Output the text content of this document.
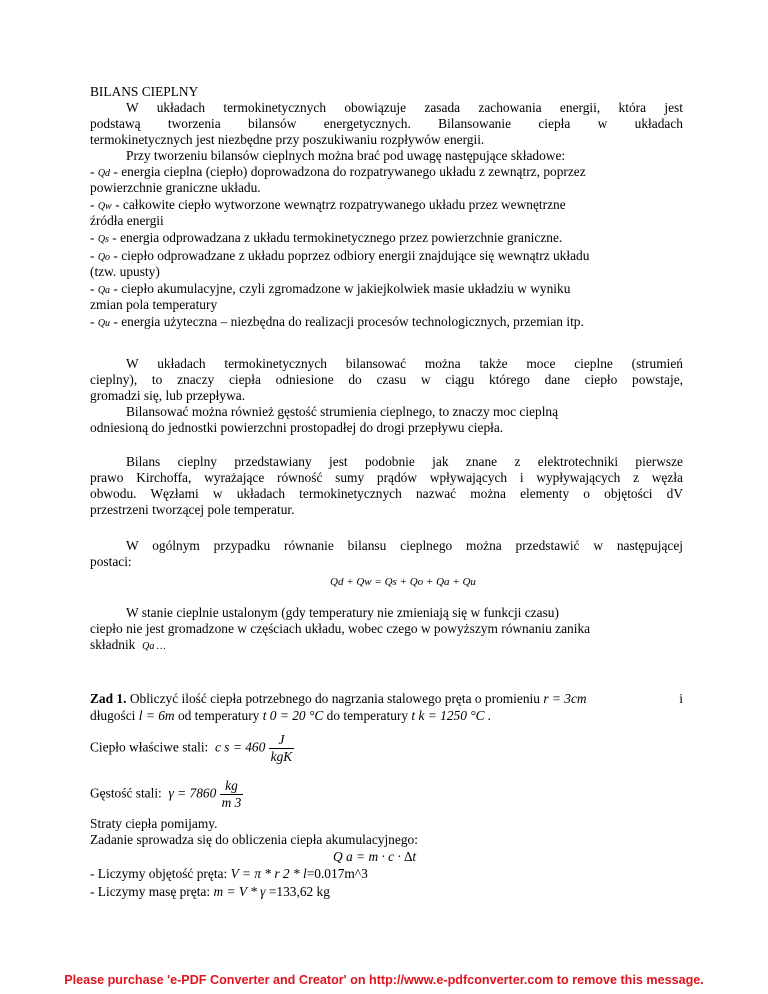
BILANS CIEPLNY
W układach termokinetycznych obowiązuje zasada zachowania energii, która jest
podstawą tworzenia bilansów energetycznych. Bilansowanie ciepła w układach
termokinetycznych jest niezbędne przy poszukiwaniu rozpływów energii.
Przy tworzeniu bilansów cieplnych można brać pod uwagę następujące składowe:
- Qd - energia cieplna (ciepło) doprowadzona do rozpatrywanego układu z zewnątrz, poprzez
powierzchnie graniczne układu.
- Qw - całkowite ciepło wytworzone wewnątrz rozpatrywanego układu przez wewnętrzne
źródła energii
- Qs - energia odprowadzana z układu termokinetycznego przez powierzchnie graniczne.
- Qo - ciepło odprowadzane z układu poprzez odbiory energii znajdujące się wewnątrz układu
(tzw. upusty)
- Qa - ciepło akumulacyjne, czyli zgromadzone w jakiejkolwiek masie układziu w wyniku
zmian pola temperatury
- Qu - energia użyteczna – niezbędna do realizacji procesów technologicznych, przemian itp.
W układach termokinetycznych bilansować można także moce cieplne (strumień
cieplny), to znaczy ciepła odniesione do czasu w ciągu którego dane ciepło powstaje,
gromadzi się, lub przepływa.
Bilansować można również gęstość strumienia cieplnego, to znaczy moc cieplną
odniesioną do jednostki powierzchni prostopadłej do drogi przepływu ciepła.
Bilans cieplny przedstawiany jest podobnie jak znane z elektrotechniki pierwsze
prawo Kirchoffa, wyrażające równość sumy prądów wpływających i wypływających z węzła
obwodu. Węzłami w układach termokinetycznych nazwać można elementy o objętości dV
przestrzeni tworzącej pole temperatur.
W ogólnym przypadku równanie bilansu cieplnego można przedstawić w następującej
postaci:
Qd + Qw = Qs + Qo + Qa + Qu
W stanie cieplnie ustalonym (gdy temperatury nie zmieniają się w funkcji czasu)
ciepło nie jest gromadzone w częściach układu, wobec czego w powyższym równaniu zanika
składnik Qa …
Zad 1. Obliczyć ilość ciepła potrzebnego do nagrzania stalowego pręta o promieniu r = 3cm	i
długości l = 6m od temperatury t 0 = 20 °C do temperatury t k = 1250 °C .
Ciepło właściwe stali: c $s = 460 \frac{J}{\text{kgK}}$
Gęstość stali: $\gamma = 7860 \frac{kg}{m 3}$
Straty ciepła pomijamy.
Zadanie sprowadza się do obliczenia ciepła akumulacyjnego:
Q a = m · c · ∆t
- Liczymy objętość pręta: V = π * r 2 * l=0.017m^3
- Liczymy masę pręta: m = V * γ =133,62 kg
Please purchase 'e-PDF Converter and Creator' on http://www.e-pdfconverter.com to remove this message.
